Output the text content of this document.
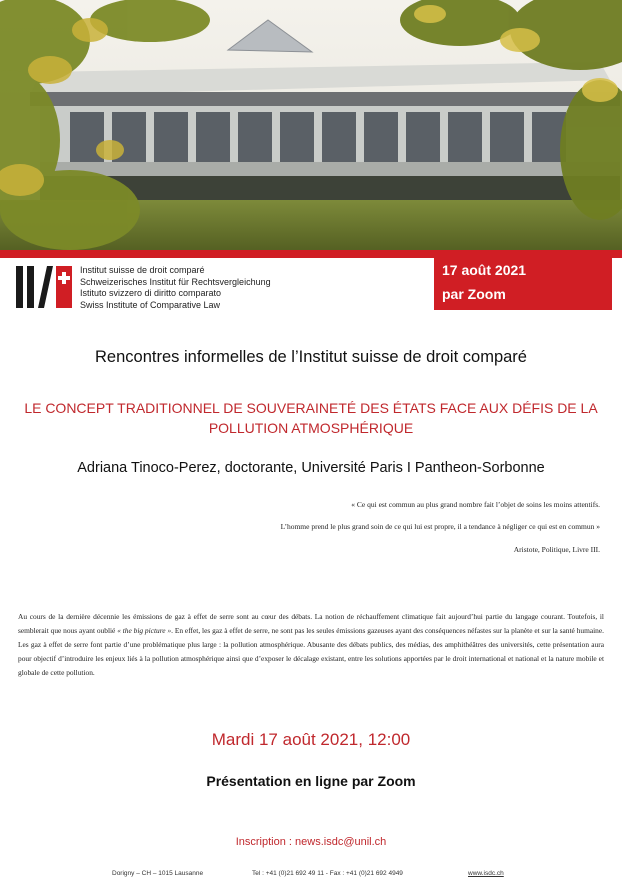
Institut suisse de droit comparé
Schweizerisches Institut für Rechtsvergleichung
Istituto svizzero di diritto comparato
Swiss Institute of Comparative Law
17 août 2021
par Zoom
Rencontres informelles de l’Institut suisse de droit comparé
LE CONCEPT TRADITIONNEL DE SOUVERAINETÉ DES ÉTATS FACE AUX DÉFIS DE LA
POLLUTION ATMOSPHÉRIQUE
Adriana Tinoco-Perez, doctorante, Université Paris I Pantheon-Sorbonne
« Ce qui est commun au plus grand nombre fait l’objet de soins les moins attentifs.
L’homme prend le plus grand soin de ce qui lui est propre, il a tendance à négliger ce qui est en commun »
Aristote, Politique, Livre III.
Au cours de la dernière décennie les émissions de gaz à effet de serre sont au cœur des débats. La notion de réchauffement climatique fait aujourd’hui partie du langage courant. Toutefois, il semblerait que nous ayant oublié « the big picture ». En effet, les gaz à effet de serre, ne sont pas les seules émissions gazeuses ayant des conséquences néfastes sur la planète et sur la santé humaine. Les gaz à effet de serre font partie d’une problématique plus large : la pollution atmosphérique. Abusante des débats publics, des médias, des amphithéâtres des universités, cette présentation aura pour objectif d’introduire les enjeux liés à la pollution atmosphérique ainsi que d’exposer le décalage existant, entre les solutions apportées par le droit international et national et la nature mobile et globale de cette pollution.
Mardi 17 août 2021, 12:00
Présentation en ligne par Zoom
Inscription : news.isdc@unil.ch
Dorigny – CH – 1015 Lausanne	Tel : +41 (0)21 692 49 11 - Fax : +41 (0)21 692 4949	www.isdc.ch
